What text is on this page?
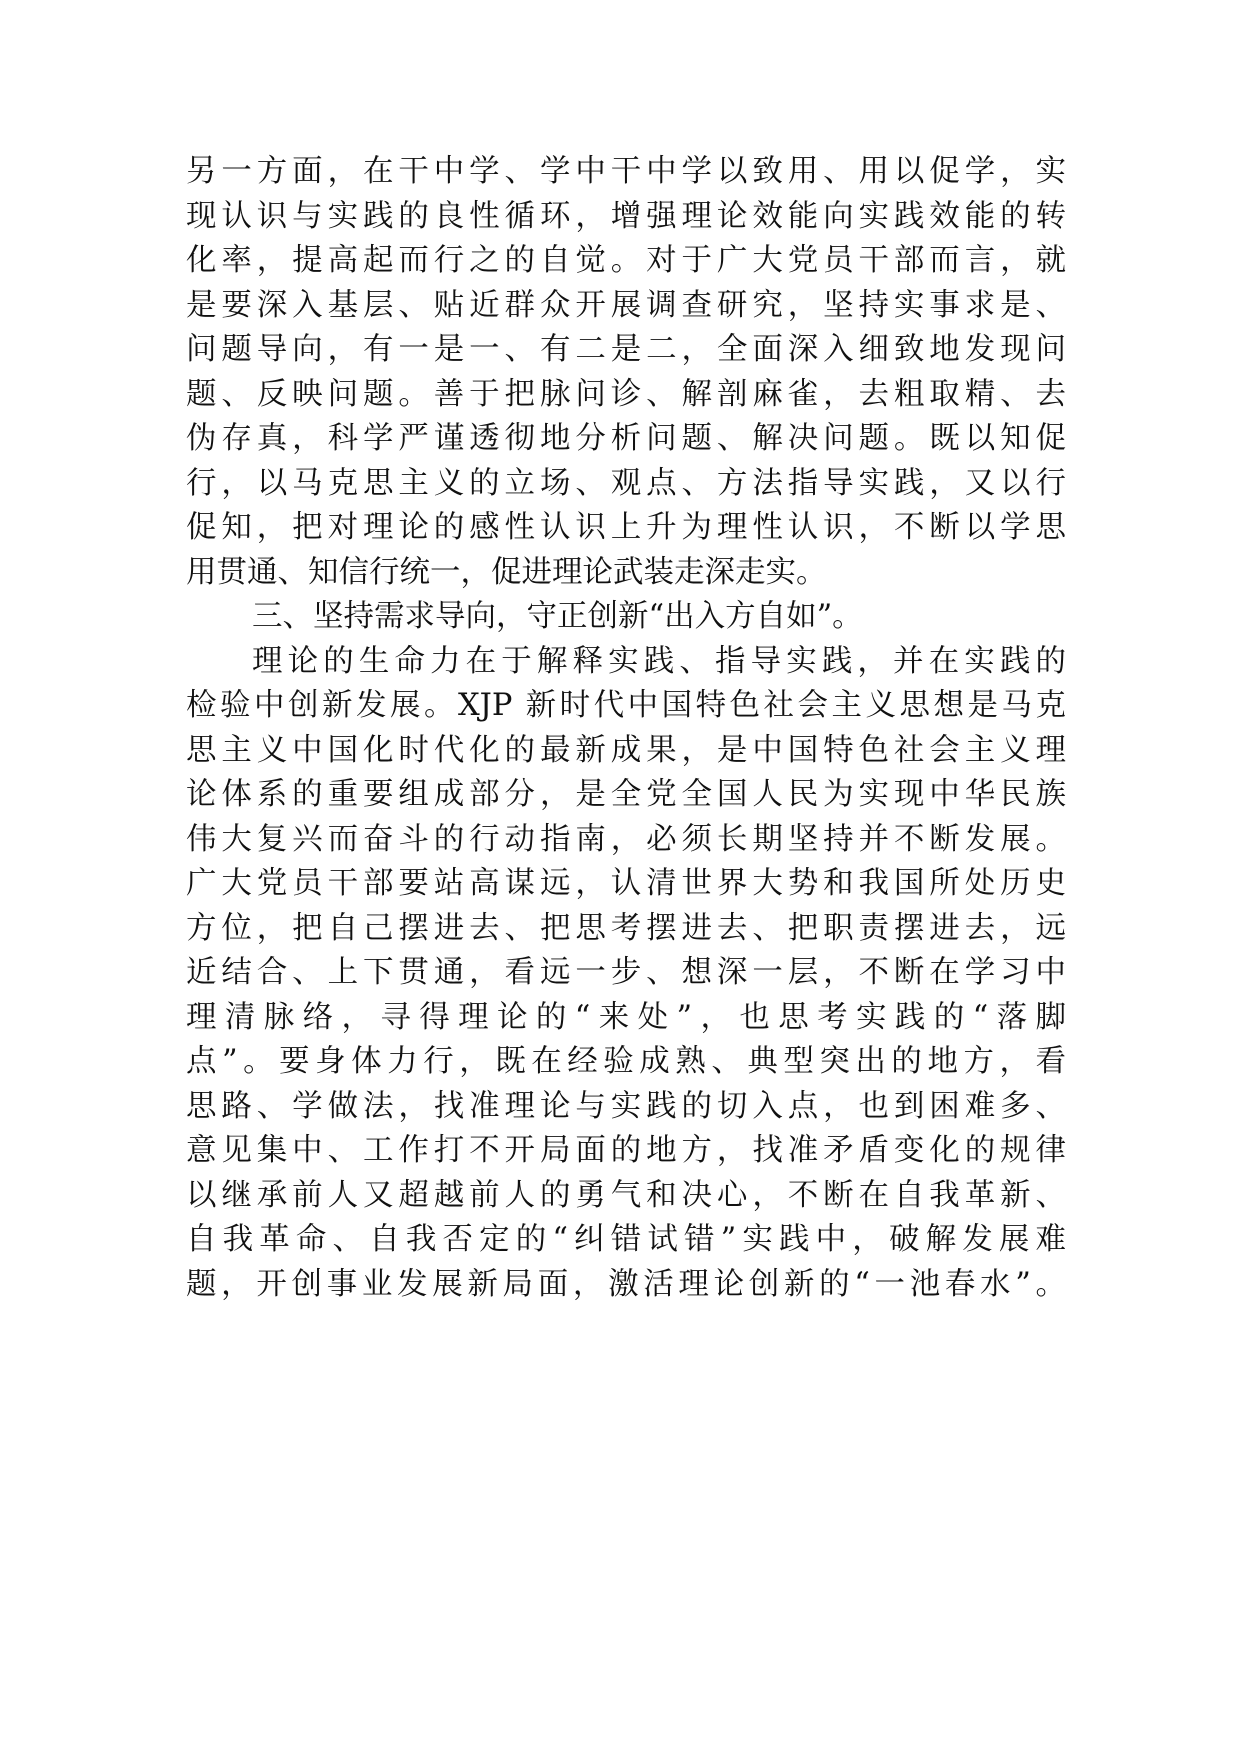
另一方面，在干中学、学中干中学以致用、用以促学，实
现认识与实践的良性循环，增强理论效能向实践效能的转
化率，提高起而行之的自觉。对于广大党员干部而言，就
是要深入基层、贴近群众开展调查研究，坚持实事求是、
问题导向，有一是一、有二是二，全面深入细致地发现问
题、反映问题。善于把脉问诊、解剖麻雀，去粗取精、去
伪存真，科学严谨透彻地分析问题、解决问题。既以知促
行，以马克思主义的立场、观点、方法指导实践，又以行
促知，把对理论的感性认识上升为理性认识，不断以学思
用贯通、知信行统一，促进理论武装走深走实。
三、坚持需求导向，守正创新“出入方自如”。
理论的生命力在于解释实践、指导实践，并在实践的
检验中创新发展。XJP 新时代中国特色社会主义思想是马克
思主义中国化时代化的最新成果，是中国特色社会主义理
论体系的重要组成部分，是全党全国人民为实现中华民族
伟大复兴而奋斗的行动指南，必须长期坚持并不断发展。
广大党员干部要站高谋远，认清世界大势和我国所处历史
方位，把自己摆进去、把思考摆进去、把职责摆进去，远
近结合、上下贯通，看远一步、想深一层，不断在学习中
理清脉络，寻得理论的“来处”，也思考实践的“落脚
点”。要身体力行，既在经验成熟、典型突出的地方，看
思路、学做法，找准理论与实践的切入点，也到困难多、
意见集中、工作打不开局面的地方，找准矛盾变化的规律
以继承前人又超越前人的勇气和决心，不断在自我革新、
自我革命、自我否定的“纠错试错”实践中，破解发展难
题，开创事业发展新局面，激活理论创新的“一池春水”。
